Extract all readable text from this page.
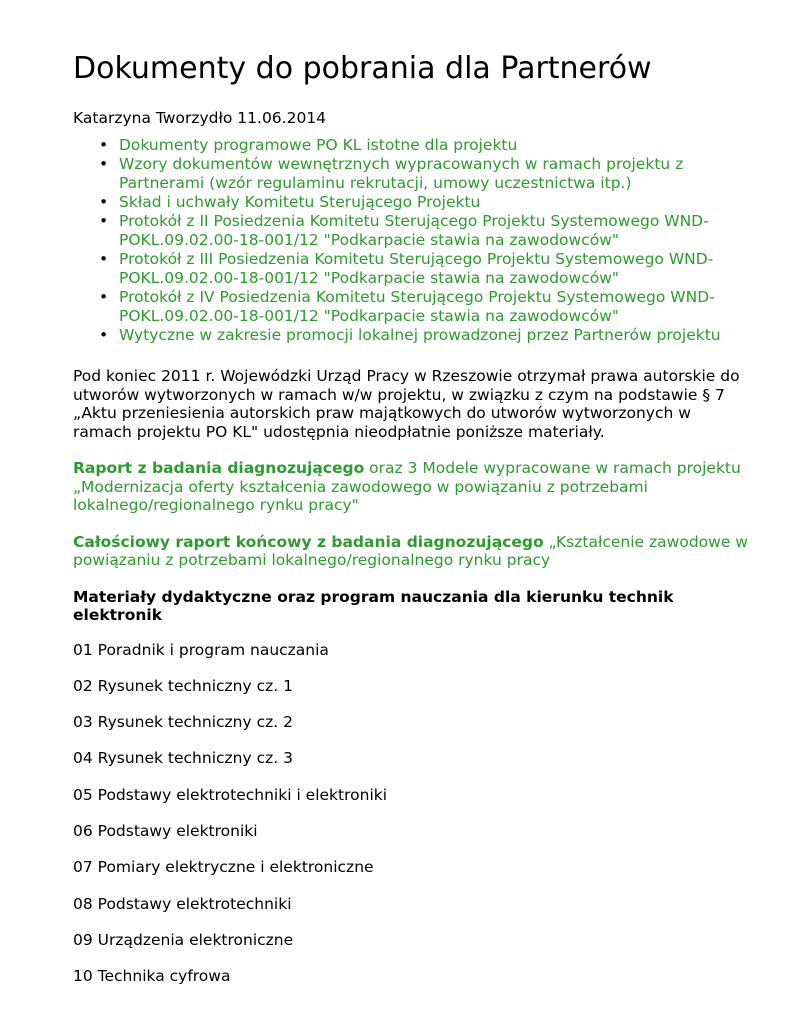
Dokumenty do pobrania dla Partnerów

Katarzyna Tworzydło 11.06.2014

• Dokumenty programowe PO KL istotne dla projektu
• Wzory dokumentów wewnętrznych wypracowanych w ramach projektu z Partnerami (wzór regulaminu rekrutacji, umowy uczestnictwa itp.)
• Skład i uchwały Komitetu Sterującego Projektu
• Protokół z II Posiedzenia Komitetu Sterującego Projektu Systemowego WND-POKL.09.02.00-18-001/12 "Podkarpacie stawia na zawodowców"
• Protokół z III Posiedzenia Komitetu Sterującego Projektu Systemowego WND-POKL.09.02.00-18-001/12 "Podkarpacie stawia na zawodowców"
• Protokół z IV Posiedzenia Komitetu Sterującego Projektu Systemowego WND-POKL.09.02.00-18-001/12 "Podkarpacie stawia na zawodowców"
• Wytyczne w zakresie promocji lokalnej prowadzonej przez Partnerów projektu

Pod koniec 2011 r. Wojewódzki Urząd Pracy w Rzeszowie otrzymał prawa autorskie do utworów wytworzonych w ramach w/w projektu, w związku z czym na podstawie § 7 „Aktu przeniesienia autorskich praw majątkowych do utworów wytworzonych w ramach projektu PO KL" udostępnia nieodpłatnie poniższe materiały.

Raport z badania diagnozującego oraz 3 Modele wypracowane w ramach projektu „Modernizacja oferty kształcenia zawodowego w powiązaniu z potrzebami lokalnego/regionalnego rynku pracy"

Całościowy raport końcowy z badania diagnozującego „Kształcenie zawodowe w powiązaniu z potrzebami lokalnego/regionalnego rynku pracy

Materiały dydaktyczne oraz program nauczania dla kierunku technik elektronik

01 Poradnik i program nauczania

02 Rysunek techniczny cz. 1

03 Rysunek techniczny cz. 2

04 Rysunek techniczny cz. 3

05 Podstawy elektrotechniki i elektroniki

06 Podstawy elektroniki

07 Pomiary elektryczne i elektroniczne

08 Podstawy elektrotechniki

09 Urządzenia elektroniczne

10 Technika cyfrowa
